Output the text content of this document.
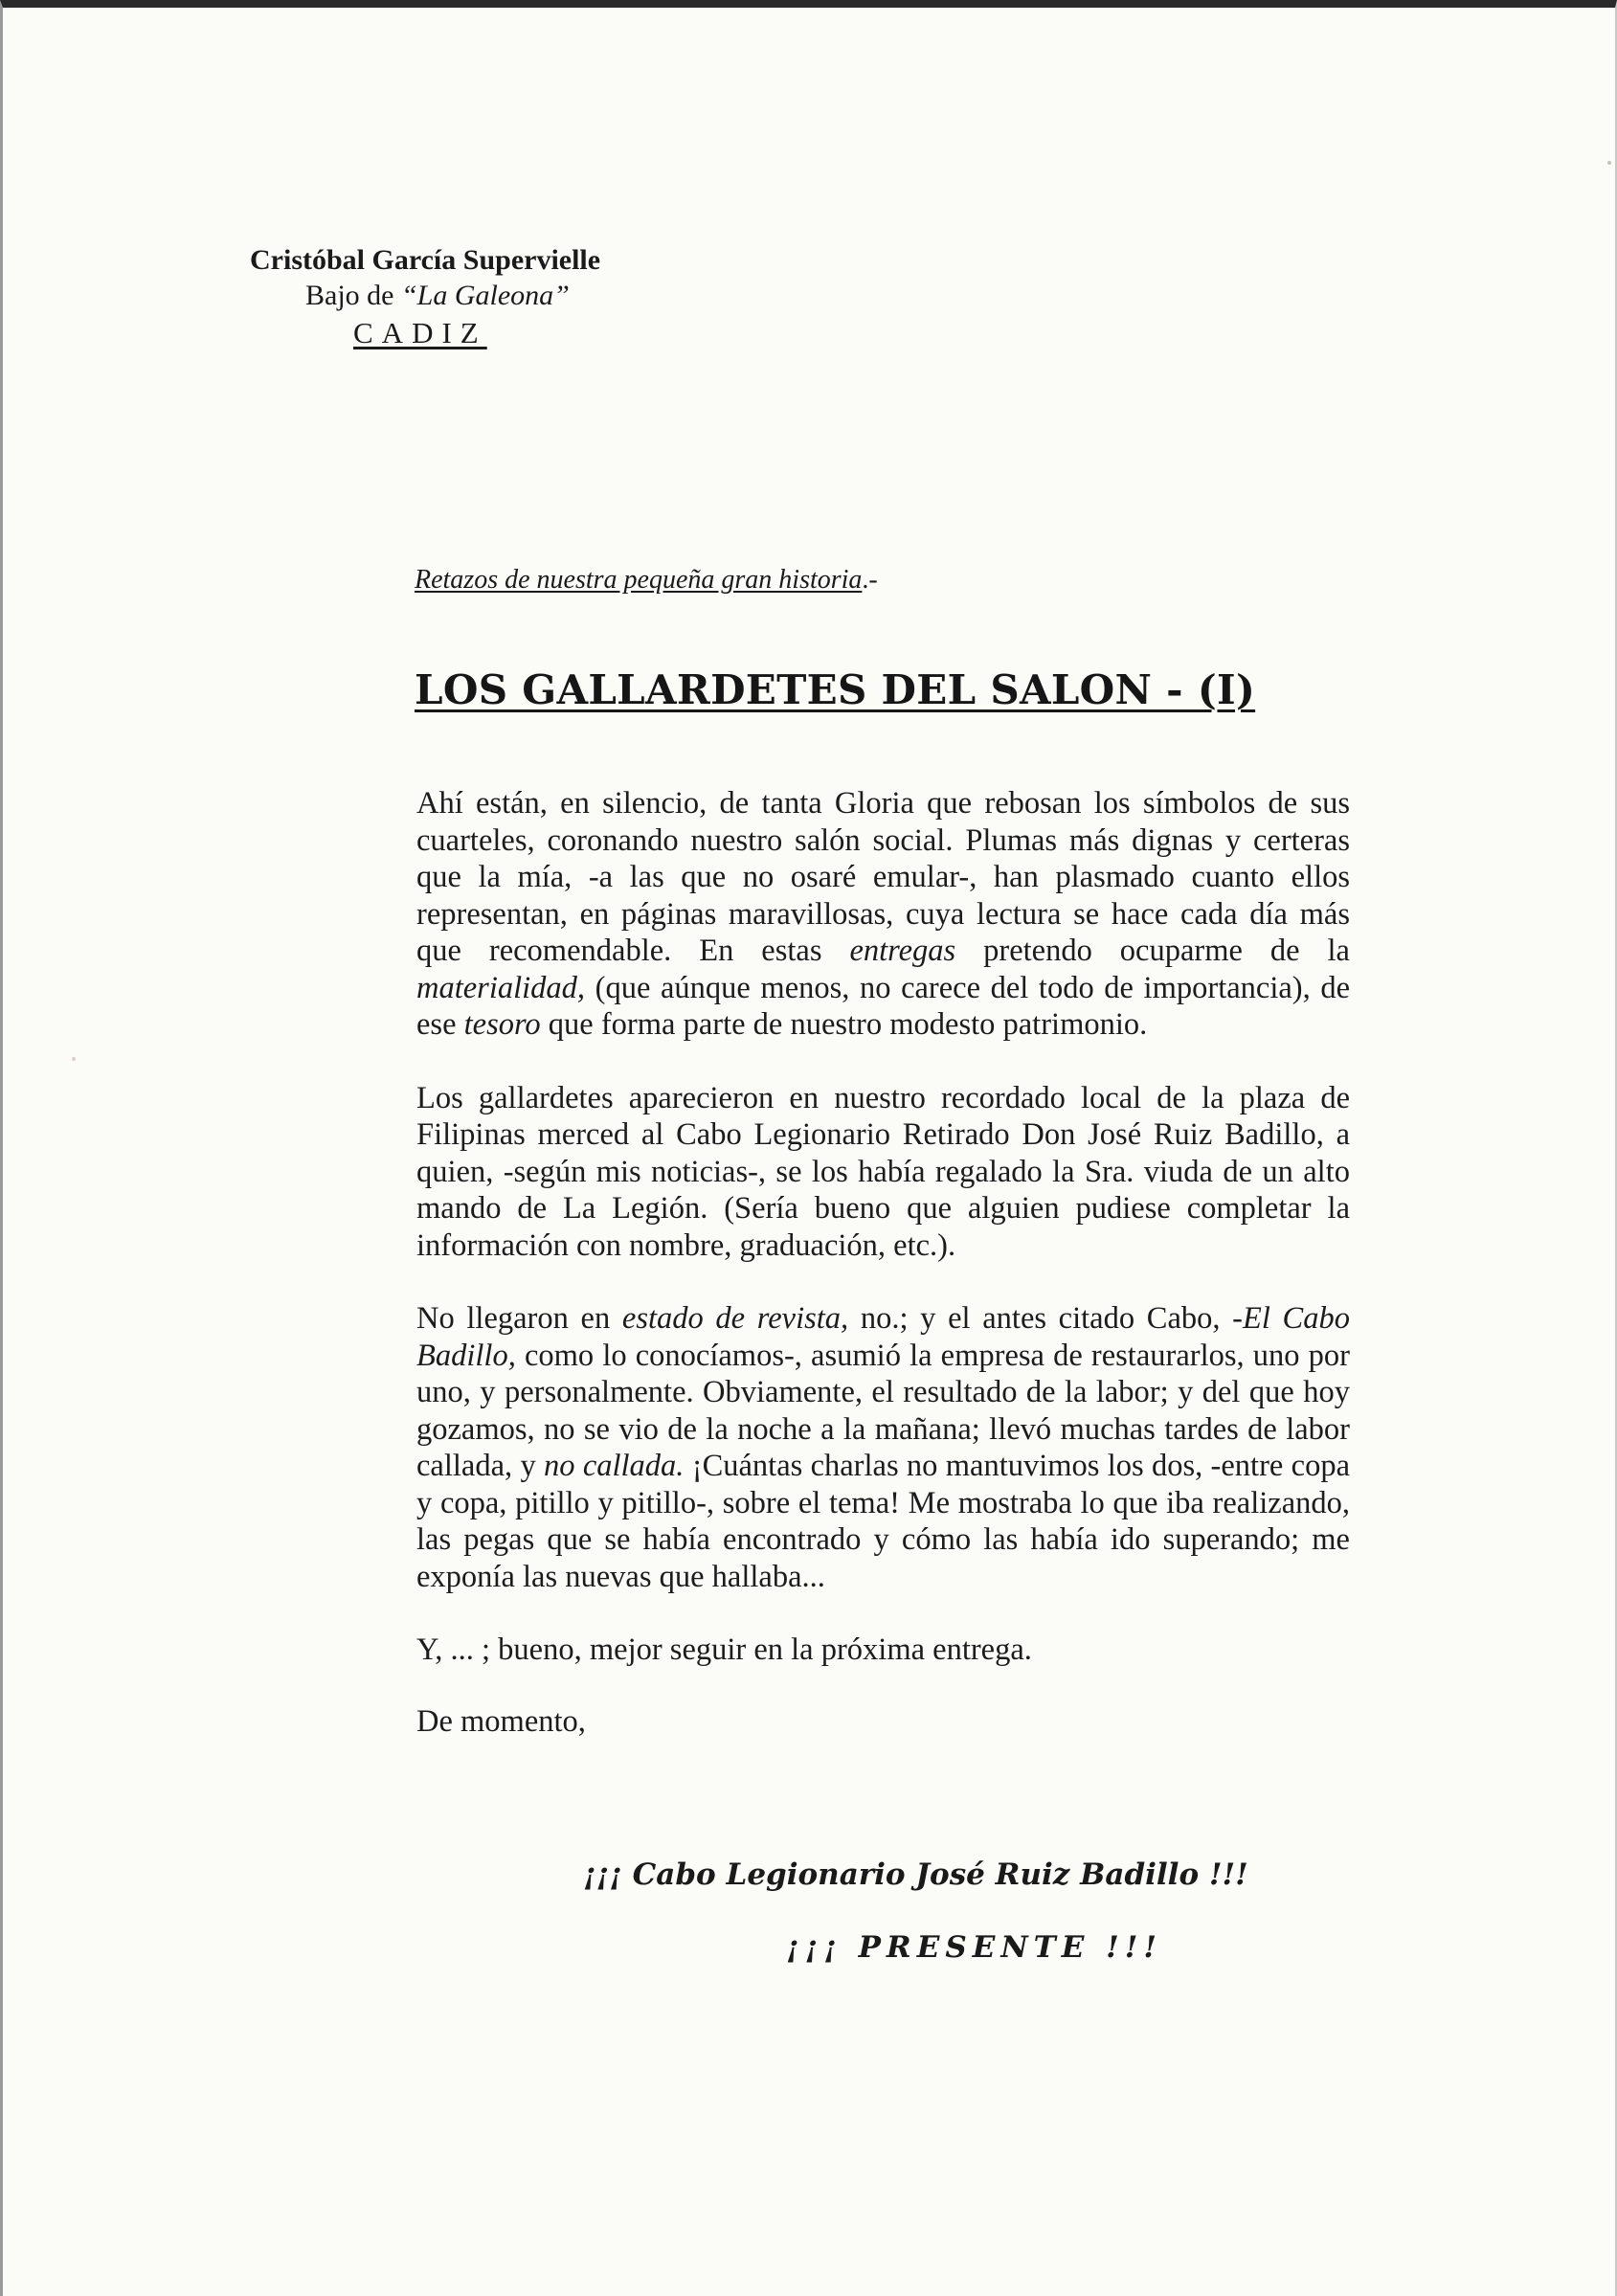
Cristóbal García Supervielle
Bajo de “La Galeona”
CADIZ
Retazos de nuestra pequeña gran historia.-
LOS GALLARDETES DEL SALON - (I)

Ahí están, en silencio, de tanta Gloria que rebosan los símbolos de sus cuarteles, coronando nuestro salón social. Plumas más dignas y certeras que la mía, -a las que no osaré emular-, han plasmado cuanto ellos representan, en páginas maravillosas, cuya lectura se hace cada día más que recomendable. En estas entregas pretendo ocuparme de la materialidad, (que aúnque menos, no carece del todo de importancia), de ese tesoro que forma parte de nuestro modesto patrimonio.

Los gallardetes aparecieron en nuestro recordado local de la plaza de Filipinas merced al Cabo Legionario Retirado Don José Ruiz Badillo, a quien, -según mis noticias-, se los había regalado la Sra. viuda de un alto mando de La Legión. (Sería bueno que alguien pudiese completar la información con nombre, graduación, etc.).

No llegaron en estado de revista, no.; y el antes citado Cabo, -El Cabo Badillo, como lo conocíamos-, asumió la empresa de restaurarlos, uno por uno, y personalmente. Obviamente, el resultado de la labor; y del que hoy gozamos, no se vio de la noche a la mañana; llevó muchas tardes de labor callada, y no callada. ¡Cuántas charlas no mantuvimos los dos, -entre copa y copa, pitillo y pitillo-, sobre el tema! Me mostraba lo que iba realizando, las pegas que se había encontrado y cómo las había ido superando; me exponía las nuevas que hallaba...

Y, ... ; bueno, mejor seguir en la próxima entrega.

De momento,

¡¡¡ Cabo Legionario José Ruiz Badillo !!!
¡¡¡ PRESENTE !!!
